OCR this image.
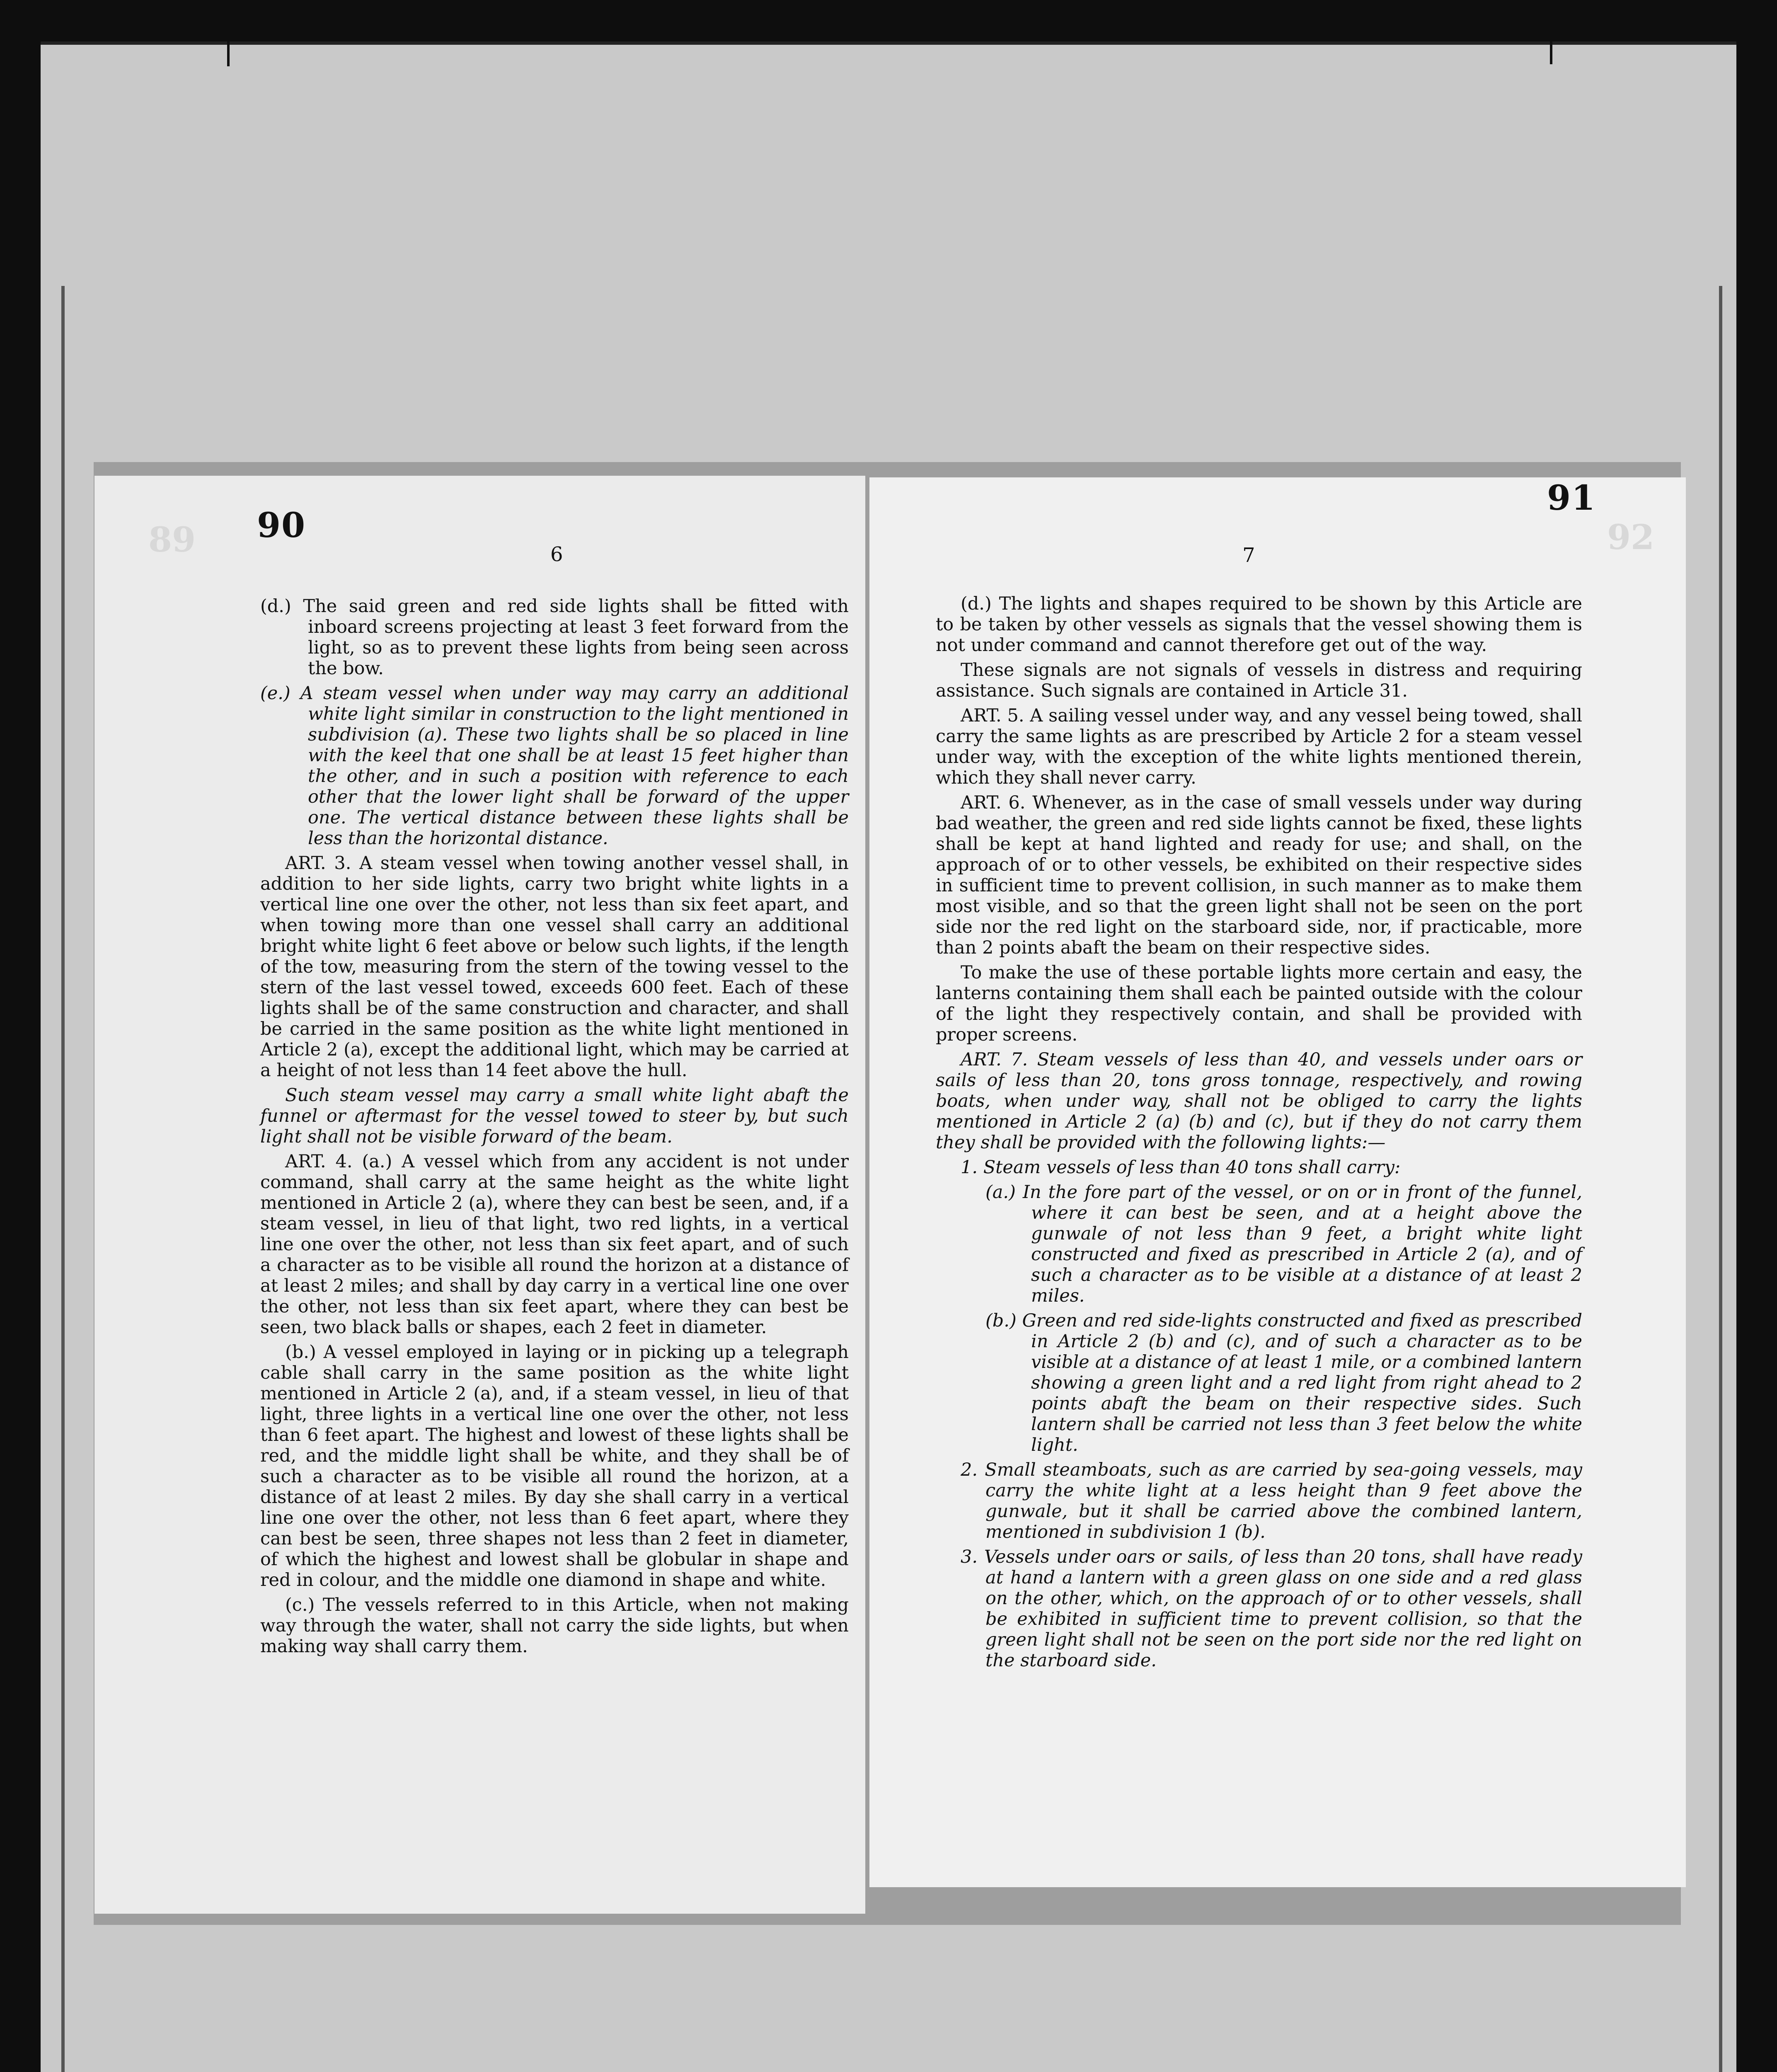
89 90
6

(d.) The said green and red side lights shall be fitted with inboard screens projecting at least 3 feet forward from the light, so as to prevent these lights from being seen across the bow.

(e.) A steam vessel when under way may carry an additional white light similar in construction to the light mentioned in subdivision (a). These two lights shall be so placed in line with the keel that one shall be at least 15 feet higher than the other, and in such a position with reference to each other that the lower light shall be forward of the upper one. The vertical distance between these lights shall be less than the horizontal distance.

ART. 3. A steam vessel when towing another vessel shall, in addition to her side lights, carry two bright white lights in a vertical line one over the other, not less than six feet apart, and when towing more than one vessel shall carry an additional bright white light 6 feet above or below such lights, if the length of the tow, measuring from the stern of the towing vessel to the stern of the last vessel towed, exceeds 600 feet. Each of these lights shall be of the same construction and character, and shall be carried in the same position as the white light mentioned in Article 2 (a), except the additional light, which may be carried at a height of not less than 14 feet above the hull.

Such steam vessel may carry a small white light abaft the funnel or aftermast for the vessel towed to steer by, but such light shall not be visible forward of the beam.

ART. 4. (a.) A vessel which from any accident is not under command, shall carry at the same height as the white light mentioned in Article 2 (a), where they can best be seen, and, if a steam vessel, in lieu of that light, two red lights, in a vertical line one over the other, not less than six feet apart, and of such a character as to be visible all round the horizon at a distance of at least 2 miles; and shall by day carry in a vertical line one over the other, not less than six feet apart, where they can best be seen, two black balls or shapes, each 2 feet in diameter.

(b.) A vessel employed in laying or in picking up a telegraph cable shall carry in the same position as the white light mentioned in Article 2 (a), and, if a steam vessel, in lieu of that light, three lights in a vertical line one over the other, not less than 6 feet apart. The highest and lowest of these lights shall be red, and the middle light shall be white, and they shall be of such a character as to be visible all round the horizon, at a distance of at least 2 miles. By day she shall carry in a vertical line one over the other, not less than 6 feet apart, where they can best be seen, three shapes not less than 2 feet in diameter, of which the highest and lowest shall be globular in shape and red in colour, and the middle one diamond in shape and white.

(c.) The vessels referred to in this Article, when not making way through the water, shall not carry the side lights, but when making way shall carry them.

92
91
7

(d.) The lights and shapes required to be shown by this Article are to be taken by other vessels as signals that the vessel showing them is not under command and cannot therefore get out of the way.

These signals are not signals of vessels in distress and requiring assistance. Such signals are contained in Article 31.

ART. 5. A sailing vessel under way, and any vessel being towed, shall carry the same lights as are prescribed by Article 2 for a steam vessel under way, with the exception of the white lights mentioned therein, which they shall never carry.

ART. 6. Whenever, as in the case of small vessels under way during bad weather, the green and red side lights cannot be fixed, these lights shall be kept at hand lighted and ready for use; and shall, on the approach of or to other vessels, be exhibited on their respective sides in sufficient time to prevent collision, in such manner as to make them most visible, and so that the green light shall not be seen on the port side nor the red light on the starboard side, nor, if practicable, more than 2 points abaft the beam on their respective sides.

To make the use of these portable lights more certain and easy, the lanterns containing them shall each be painted outside with the colour of the light they respectively contain, and shall be provided with proper screens.

ART. 7. Steam vessels of less than 40, and vessels under oars or sails of less than 20, tons gross tonnage, respectively, and rowing boats, when under way, shall not be obliged to carry the lights mentioned in Article 2 (a) (b) and (c), but if they do not carry them they shall be provided with the following lights:—

1. Steam vessels of less than 40 tons shall carry:

(a.) In the fore part of the vessel, or on or in front of the funnel, where it can best be seen, and at a height above the gunwale of not less than 9 feet, a bright white light constructed and fixed as prescribed in Article 2 (a), and of such a character as to be visible at a distance of at least 2 miles.

(b.) Green and red side-lights constructed and fixed as prescribed in Article 2 (b) and (c), and of such a character as to be visible at a distance of at least 1 mile, or a combined lantern showing a green light and a red light from right ahead to 2 points abaft the beam on their respective sides. Such lantern shall be carried not less than 3 feet below the white light.

2. Small steamboats, such as are carried by sea-going vessels, may carry the white light at a less height than 9 feet above the gunwale, but it shall be carried above the combined lantern, mentioned in subdivision 1 (b).

3. Vessels under oars or sails, of less than 20 tons, shall have ready at hand a lantern with a green glass on one side and a red glass on the other, which, on the approach of or to other vessels, shall be exhibited in sufficient time to prevent collision, so that the green light shall not be seen on the port side nor the red light on the starboard side.
